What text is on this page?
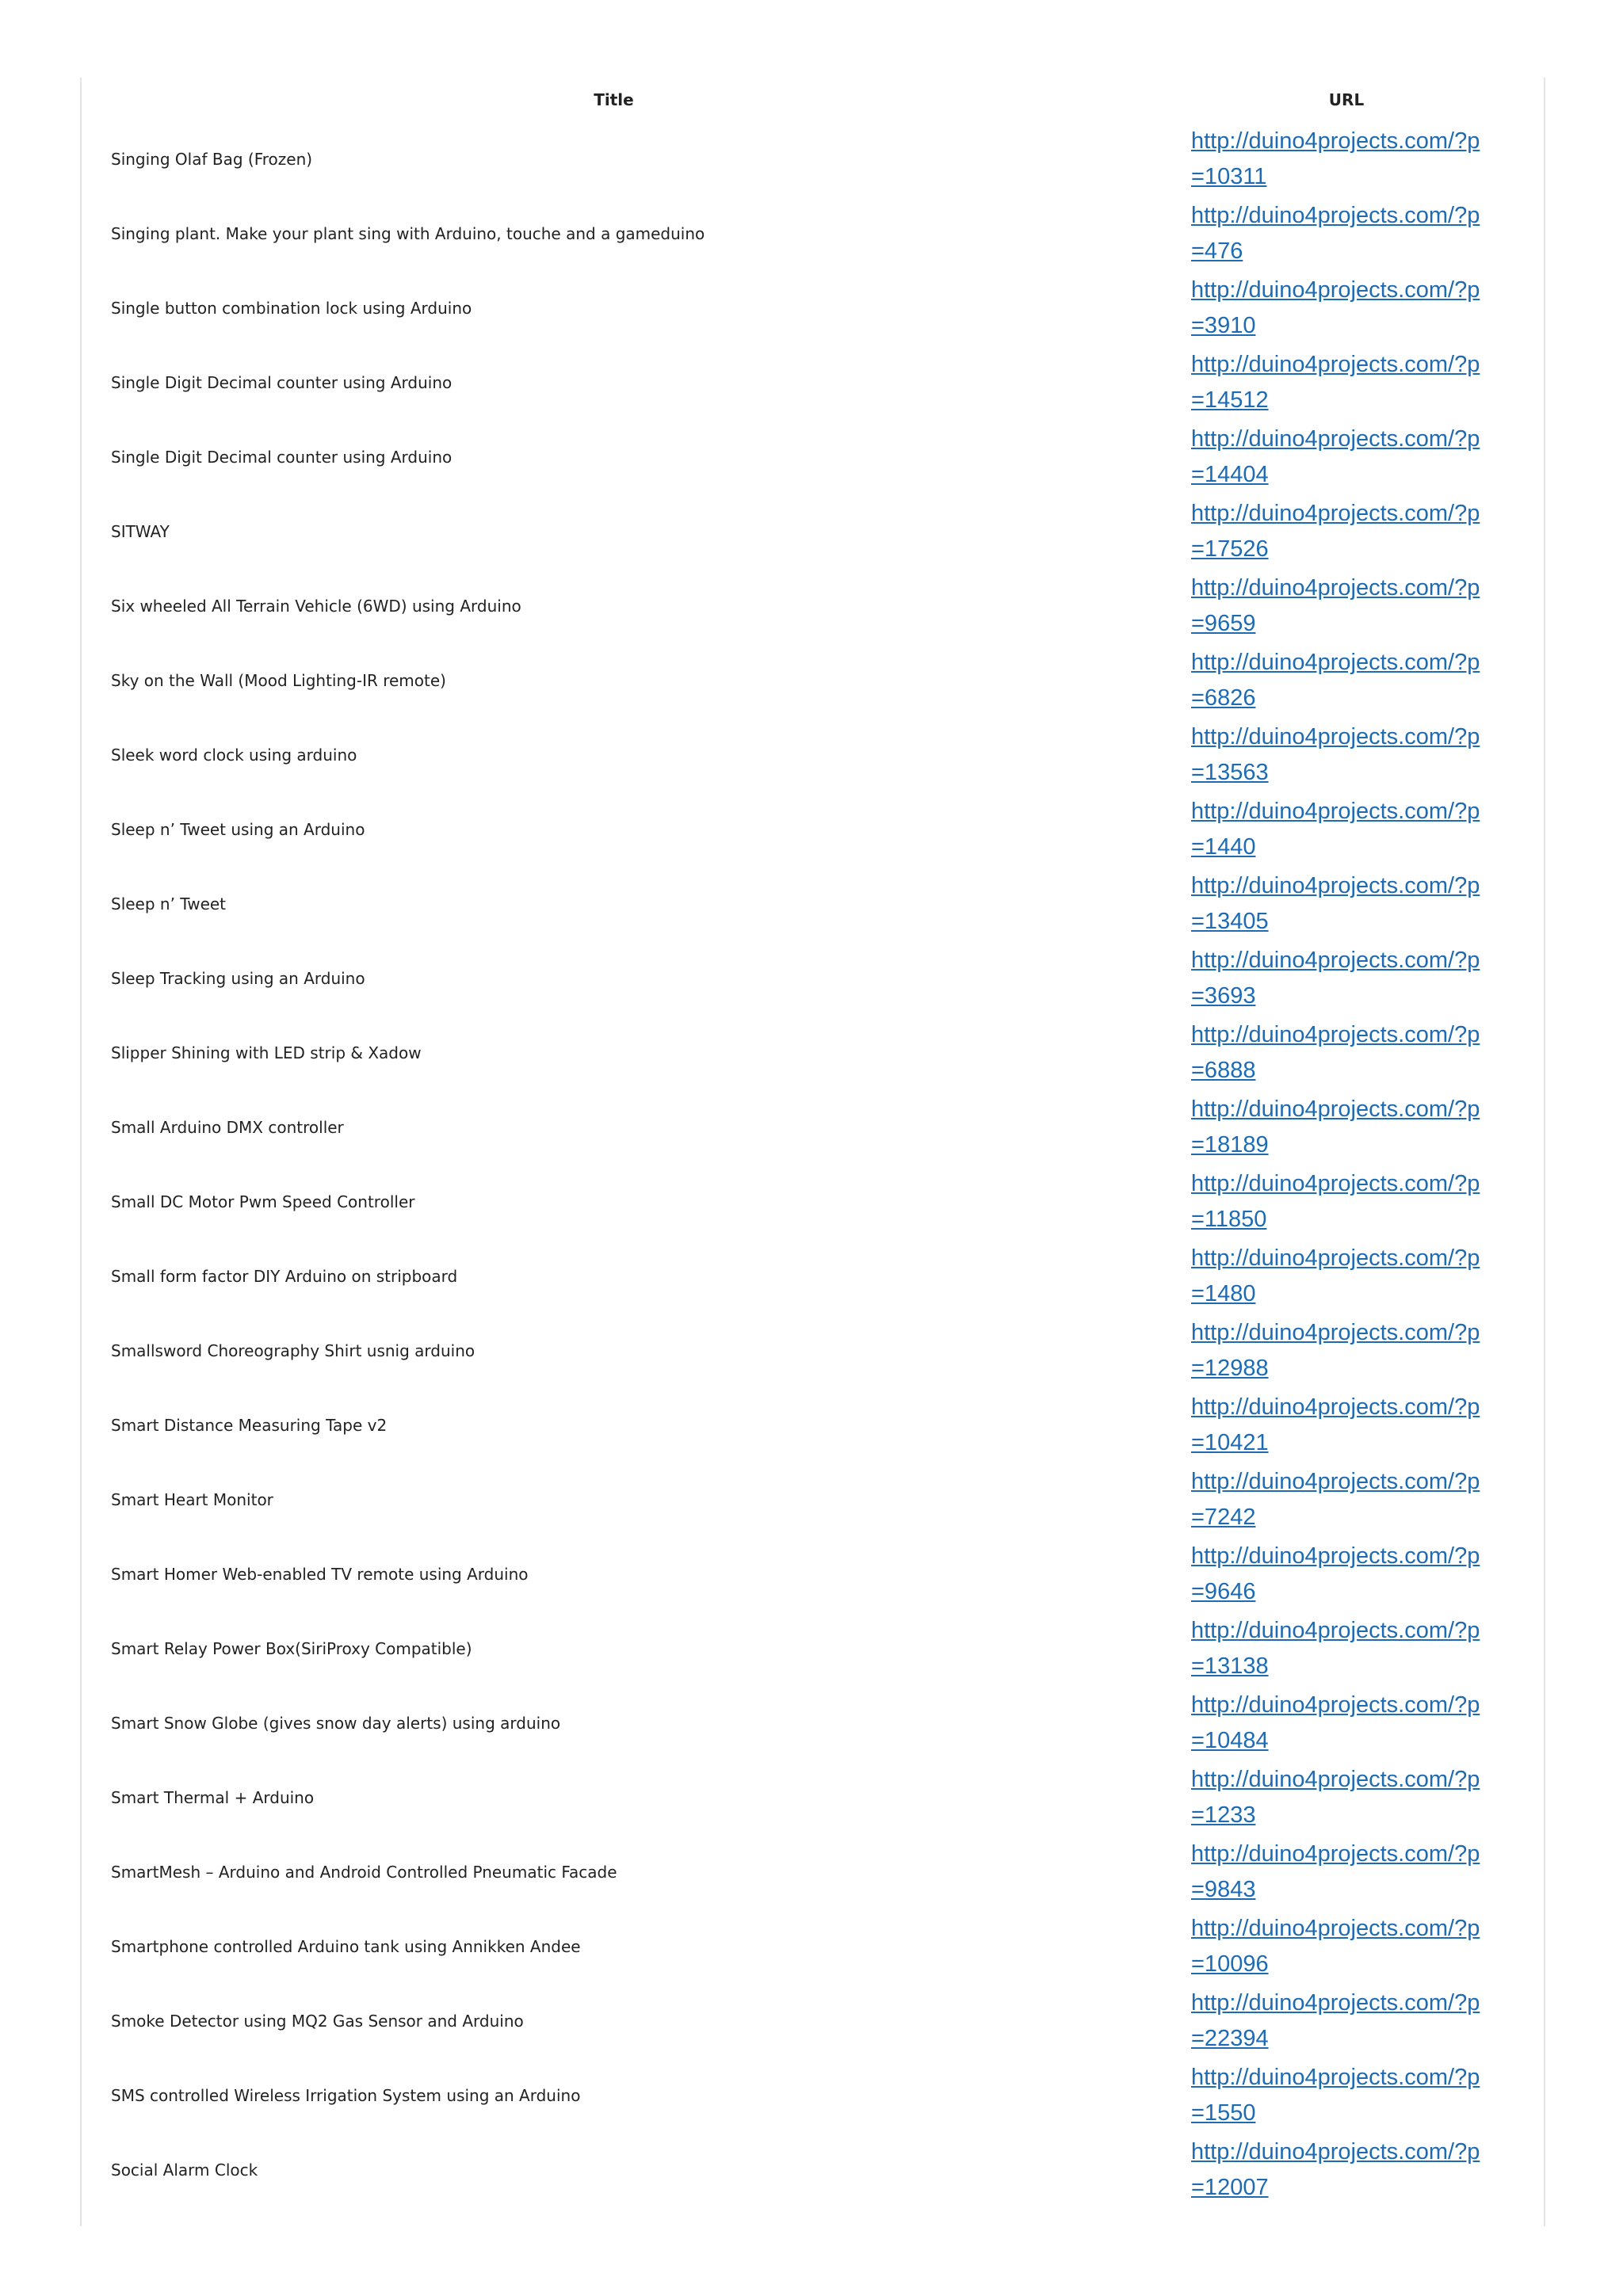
Title	URL
Singing Olaf Bag (Frozen)	http://duino4projects.com/?p=10311

Singing plant. Make your plant sing with Arduino, touche and a gameduino	http://duino4projects.com/?p=476

Single button combination lock using Arduino	http://duino4projects.com/?p=3910

Single Digit Decimal counter using Arduino	http://duino4projects.com/?p=14512

Single Digit Decimal counter using Arduino	http://duino4projects.com/?p=14404

SITWAY	http://duino4projects.com/?p=17526

Six wheeled All Terrain Vehicle (6WD) using Arduino	http://duino4projects.com/?p=9659

Sky on the Wall (Mood Lighting-IR remote)	http://duino4projects.com/?p=6826

Sleek word clock using arduino	http://duino4projects.com/?p=13563

Sleep n’ Tweet using an Arduino	http://duino4projects.com/?p=1440

Sleep n’ Tweet	http://duino4projects.com/?p=13405

Sleep Tracking using an Arduino	http://duino4projects.com/?p=3693

Slipper Shining with LED strip & Xadow	http://duino4projects.com/?p=6888

Small Arduino DMX controller	http://duino4projects.com/?p=18189

Small DC Motor Pwm Speed Controller	http://duino4projects.com/?p=11850

Small form factor DIY Arduino on stripboard	http://duino4projects.com/?p=1480

Smallsword Choreography Shirt usnig arduino	http://duino4projects.com/?p=12988

Smart Distance Measuring Tape v2	http://duino4projects.com/?p=10421

Smart Heart Monitor	http://duino4projects.com/?p=7242

Smart Homer Web-enabled TV remote using Arduino	http://duino4projects.com/?p=9646

Smart Relay Power Box(SiriProxy Compatible)	http://duino4projects.com/?p=13138

Smart Snow Globe (gives snow day alerts) using arduino	http://duino4projects.com/?p=10484

Smart Thermal + Arduino	http://duino4projects.com/?p=1233

SmartMesh – Arduino and Android Controlled Pneumatic Facade	http://duino4projects.com/?p=9843

Smartphone controlled Arduino tank using Annikken Andee	http://duino4projects.com/?p=10096

Smoke Detector using MQ2 Gas Sensor and Arduino	http://duino4projects.com/?p=22394

SMS controlled Wireless Irrigation System using an Arduino	http://duino4projects.com/?p=1550

Social Alarm Clock	http://duino4projects.com/?p=12007
